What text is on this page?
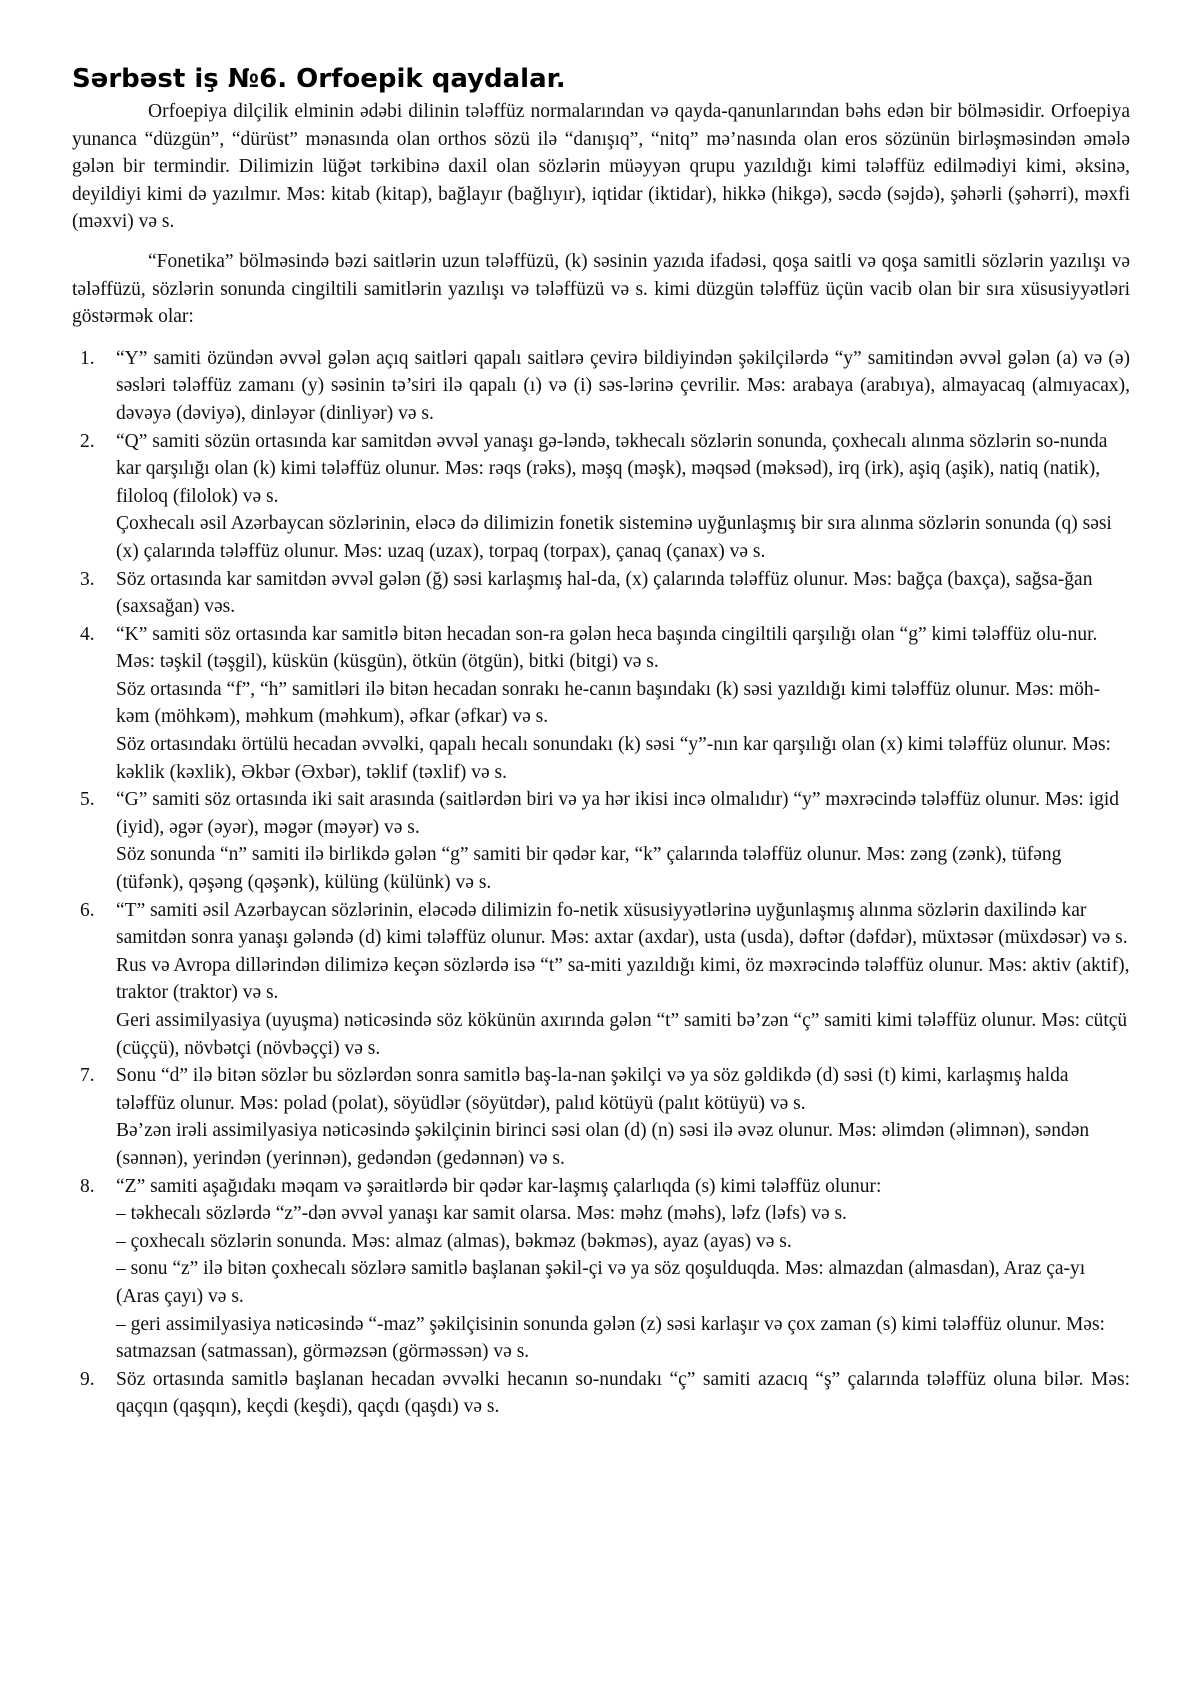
Sərbəst iş №6. Orfoepik qaydalar.

Orfoepiya dilçilik elminin ədəbi dilinin tələffüz normalarından və qayda-qanunlarından bəhs edən bir bölməsidir. Orfoepiya yunanca “düzgün”, “dürüst” mənasında olan orthos sözü ilə “danışıq”, “nitq” mə’nasında olan eros sözünün birləşməsindən əmələ gələn bir termindir. Dilimizin lüğət tərkibinə daxil olan sözlərin müəyyən qrupu yazıldığı kimi tələffüz edilmədiyi kimi, əksinə, deyildiyi kimi də yazılmır. Məs: kitab (kitap), bağlayır (bağlıyır), iqtidar (iktidar), hikkə (hikgə), səcdə (səjdə), şəhərli (şəhərri), məxfi (məxvi) və s.

“Fonetika” bölməsində bəzi saitlərin uzun tələffüzü, (k) səsinin yazıda ifadəsi, qoşa saitli və qoşa samitli sözlərin yazılışı və tələffüzü, sözlərin sonunda cingiltili samitlərin yazılışı və tələffüzü və s. kimi düzgün tələffüz üçün vacib olan bir sıra xüsusiyyətləri göstərmək olar:

1. “Y” samiti özündən əvvəl gələn açıq saitləri qapalı saitlərə çevirə bildiyindən şəkilçilərdə “y” samitindən əvvəl gələn (a) və (ə) səsləri tələffüz zamanı (y) səsinin tə’siri ilə qapalı (ı) və (i) səs-lərinə çevrilir. Məs: arabaya (arabıya), almayacaq (almıyacax), dəvəyə (dəviyə), dinləyər (dinliyər) və s.
2. “Q” samiti sözün ortasında kar samitdən əvvəl yanaşı gə-ləndə, təkhecalı sözlərin sonunda, çoxhecalı alınma sözlərin so-nunda kar qarşılığı olan (k) kimi tələffüz olunur. Məs: rəqs (rəks), məşq (məşk), məqsəd (məksəd), irq (irk), aşiq (aşik), natiq (natik), filoloq (filolok) və s.
Çoxhecalı əsil Azərbaycan sözlərinin, eləcə də dilimizin fonetik sisteminə uyğunlaşmış bir sıra alınma sözlərin sonunda (q) səsi (x) çalarında tələffüz olunur. Məs: uzaq (uzax), torpaq (torpax), çanaq (çanax) və s.
3. Söz ortasında kar samitdən əvvəl gələn (ğ) səsi karlaşmış hal-da, (x) çalarında tələffüz olunur. Məs: bağça (baxça), sağsa-ğan (saxsağan) vəs.
4. “K” samiti söz ortasında kar samitlə bitən hecadan son-ra gələn heca başında cingiltili qarşılığı olan “g” kimi tələffüz olu-nur. Məs: təşkil (təşgil), küskün (küsgün), ötkün (ötgün), bitki (bitgi) və s.
Söz ortasında “f”, “h” samitləri ilə bitən hecadan sonrakı he-canın başındakı (k) səsi yazıldığı kimi tələffüz olunur. Məs: möh-kəm (möhkəm), məhkum (məhkum), əfkar (əfkar) və s.
Söz ortasındakı örtülü hecadan əvvəlki, qapalı hecalı sonundakı (k) səsi “y”-nın kar qarşılığı olan (x) kimi tələffüz olunur. Məs: kəklik (kəxlik), Əkbər (Əxbər), təklif (təxlif) və s.
5. “G” samiti söz ortasında iki sait arasında (saitlərdən biri və ya hər ikisi incə olmalıdır) “y” məxrəcində tələffüz olunur. Məs: igid (iyid), əgər (əyər), məgər (məyər) və s.
Söz sonunda “n” samiti ilə birlikdə gələn “g” samiti bir qədər kar, “k” çalarında tələffüz olunur. Məs: zəng (zənk), tüfəng (tüfənk), qəşəng (qəşənk), külüng (külünk) və s.
6. “T” samiti əsil Azərbaycan sözlərinin, eləcədə dilimizin fo-netik xüsusiyyətlərinə uyğunlaşmış alınma sözlərin daxilində kar samitdən sonra yanaşı gələndə (d) kimi tələffüz olunur. Məs: axtar (axdar), usta (usda), dəftər (dəfdər), müxtəsər (müxdəsər) və s.
Rus və Avropa dillərindən dilimizə keçən sözlərdə isə “t” sa-miti yazıldığı kimi, öz məxrəcində tələffüz olunur. Məs: aktiv (aktif), traktor (traktor) və s.
Geri assimilyasiya (uyuşma) nəticəsində söz kökünün axırında gələn “t” samiti bə’zən “ç” samiti kimi tələffüz olunur. Məs: cütçü (cüççü), növbətçi (növbəççi) və s.
7. Sonu “d” ilə bitən sözlər bu sözlərdən sonra samitlə baş-la-nan şəkilçi və ya söz gəldikdə (d) səsi (t) kimi, karlaşmış halda tələffüz olunur. Məs: polad (polat), söyüdlər (söyütdər), palıd kötüyü (palıt kötüyü) və s.
Bə’zən irəli assimilyasiya nəticəsində şəkilçinin birinci səsi olan (d) (n) səsi ilə əvəz olunur. Məs: əlimdən (əlimnən), səndən (sənnən), yerindən (yerinnən), gedəndən (gedənnən) və s.
8. “Z” samiti aşağıdakı məqam və şəraitlərdə bir qədər kar-laşmış çalarlıqda (s) kimi tələffüz olunur:
– təkhecalı sözlərdə “z”-dən əvvəl yanaşı kar samit olarsa. Məs: məhz (məhs), ləfz (ləfs) və s.
– çoxhecalı sözlərin sonunda. Məs: almaz (almas), bəkməz (bəkməs), ayaz (ayas) və s.
– sonu “z” ilə bitən çoxhecalı sözlərə samitlə başlanan şəkil-çi və ya söz qoşulduqda. Məs: almazdan (almasdan), Araz ça-yı (Aras çayı) və s.
– geri assimilyasiya nəticəsində “-maz” şəkilçisinin sonunda gələn (z) səsi karlaşır və çox zaman (s) kimi tələffüz olunur. Məs: satmazsan (satmassan), görməzsən (görməssən) və s.
9. Söz ortasında samitlə başlanan hecadan əvvəlki hecanın so-nundakı “ç” samiti azacıq “ş” çalarında tələffüz oluna bilər. Məs: qaçqın (qaşqın), keçdi (keşdi), qaçdı (qaşdı) və s.
